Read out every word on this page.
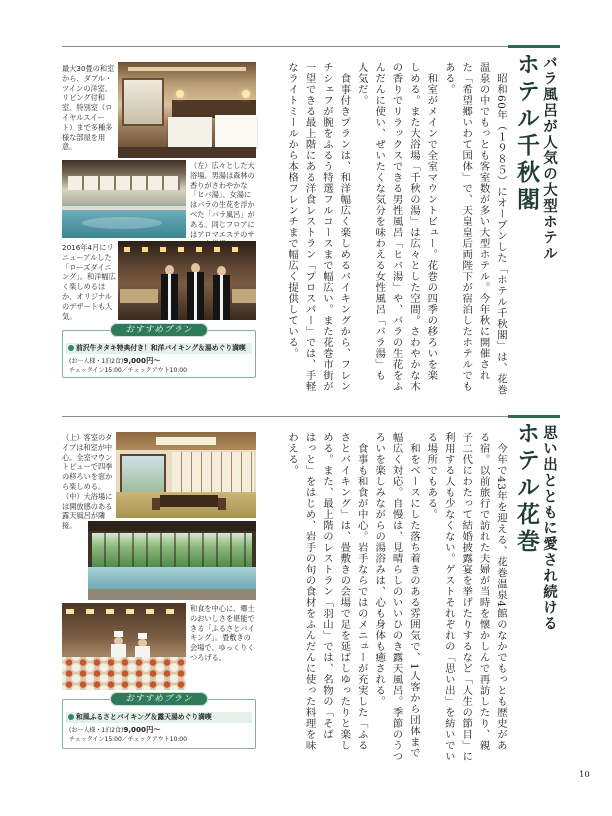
バラ風呂が人気の大型ホテル
ホテル千秋閣
昭和60年（１９８５）にオープンした「ホテル千秋閣」は、花巻
温泉の中でもっとも客室数が多い大型ホテル。今年秋に開催され
た「希望郷いわて国体」で、天皇皇后両陛下が宿泊したホテルでも
ある。
和室がメインで全室マウントビュー。花巻の四季の移ろいを楽
しめる。また大浴場「千秋の湯」は広々とした空間。さわやかな木
の香りでリラックスできる男性風呂「ヒバ湯」や、バラの生花をふ
んだんに使い、ぜいたくな気分を味わえる女性風呂「バラ湯」も
人気だ。
食事付きプランは、和洋幅広く楽しめるバイキングから、フレン
チシェフが腕をふるう特選フルコースまで幅広い。また花巻市街が
一望できる最上階にある洋食レストラン「プロスパー」では、手軽
なライトミールから本格フレンチまで幅広く提供している。
最大30畳の和室から、ダブル・ツインの洋室、リビング付和室、特別室（ロイヤルスイート）まで多種多様な部屋を用意。
（左）広々とした大浴場。男湯は森林の香りがさわやかな「ヒバ湯」、女湯にはバラの生花を浮かべた「バラ風呂」がある。同じフロアにはアロマエステのサ
2016年4月にリニューアルした「ローズダイニング」。和洋幅広く楽しめるほか、オリジナルのデザートも人気。
おすすめプラン
前沢牛タタキ特典付き！和洋バイキング＆湯めぐり満喫
(お一人様・1泊2食)9,000円〜
チェックイン15:00／チェックアウト10:00
思い出とともに愛され続ける
ホテル花巻
今年で43年を迎える、花巻温泉4館のなかでもっとも歴史があ
る宿。以前旅行で訪れた夫婦が当時を懐かしんで再訪したり、親
子二代にわたって結婚披露宴を挙げたりするなど「人生の節目」に
利用する人も少なくない。ゲストそれぞれの「思い出」を紡いでい
る場所でもある。
和をベースにした落ち着きのある雰囲気で、1人客から団体まで
幅広く対応。自慢は、見晴らしのいいひのき露天風呂。季節のうつ
ろいを楽しみながらの湯浴みは、心も身体も癒される。
食事も和食が中心。岩手ならではのメニューが充実した「ふる
さとバイキング」は、畳敷きの会場で足を延ばしゆったりと楽し
める。また、最上階のレストラン「羽山」では、名物の「そば
はっと」をはじめ、岩手の旬の食材をふんだんに使った料理を味
わえる。
（上）客室のタイプは和室が中心。全室マウントビューで四季の移ろいを窓から楽しめる。（中）大浴場には開放感のある露天風呂が隣接。
和食を中心に、郷土のおいしさを堪能できる「ふるさとバイキング」。畳敷きの会場で、ゆっくりくつろげる。
おすすめプラン
和風ふるさとバイキング＆露天湯めぐり満喫
(お一人様・1泊2食)9,000円〜
チェックイン15:00／チェックアウト10:00
10
